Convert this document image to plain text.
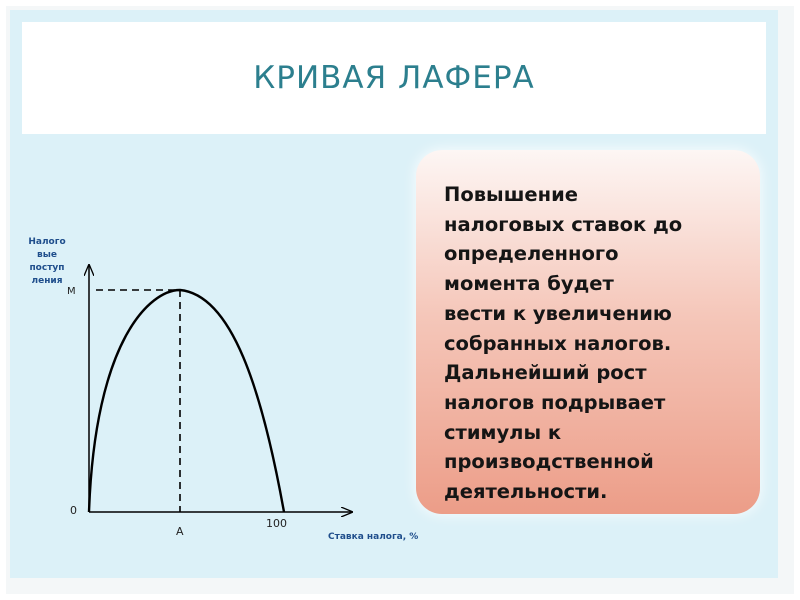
КРИВАЯ ЛАФЕРА
Повышение
налоговых ставок до
определенного
момента будет
вести к увеличению
собранных налогов.
Дальнейший рост
налогов подрывает
стимулы к
производственной
деятельности.
Налого
вые
поступ
ления
M
0
A
100
Ставка налога, %
